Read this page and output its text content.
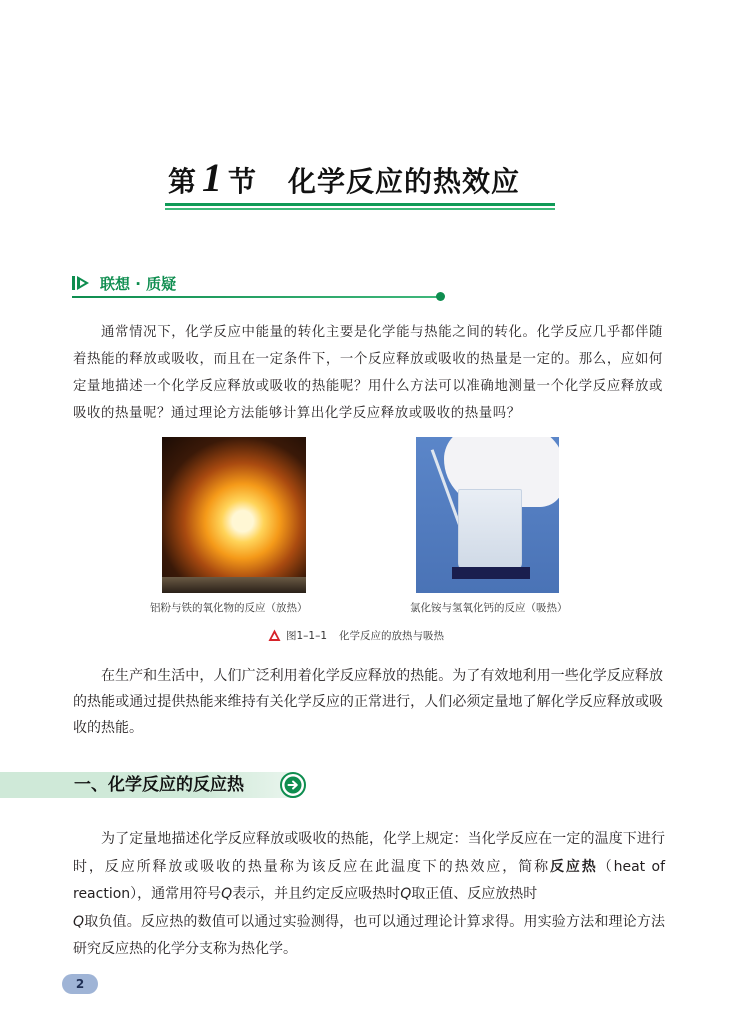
第 1 节 化学反应的热效应
联想 · 质疑
通常情况下，化学反应中能量的转化主要是化学能与热能之间的转化。化学反应几乎都伴随着热能的释放或吸收，而且在一定条件下，一个反应释放或吸收的热量是一定的。那么，应如何定量地描述一个化学反应释放或吸收的热能呢？用什么方法可以准确地测量一个化学反应释放或吸收的热量呢？通过理论方法能够计算出化学反应释放或吸收的热量吗？
铝粉与铁的氧化物的反应（放热）	氯化铵与氢氧化钙的反应（吸热）
图1–1–1 化学反应的放热与吸热
在生产和生活中，人们广泛利用着化学反应释放的热能。为了有效地利用一些化学反应释放的热能或通过提供热能来维持有关化学反应的正常进行，人们必须定量地了解化学反应释放或吸收的热能。
一、化学反应的反应热
为了定量地描述化学反应释放或吸收的热能，化学上规定：当化学反应在一定的温度下进行时，反应所释放或吸收的热量称为该反应在此温度下的热效应，简称反应热（heat of reaction），通常用符号Q表示，并且约定反应吸热时Q取正值、反应放热时
Q取负值。反应热的数值可以通过实验测得，也可以通过理论计算求得。用实验方法和理论方法研究反应热的化学分支称为热化学。
2
